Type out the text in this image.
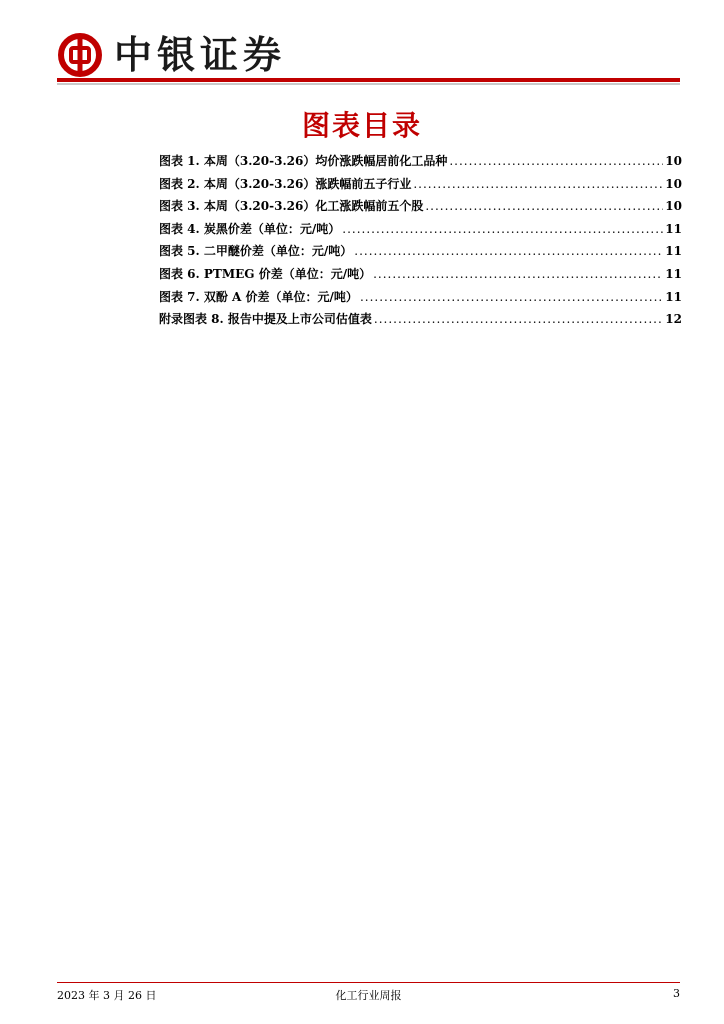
中银证券
图表目录
图表 1. 本周（3.20-3.26）均价涨跌幅居前化工品种 .....	10
图表 2. 本周（3.20-3.26）涨跌幅前五子行业 .....	10
图表 3. 本周（3.20-3.26）化工涨跌幅前五个股 .....	10
图表 4. 炭黑价差（单位：元/吨） .....	11
图表 5. 二甲醚价差（单位：元/吨） .....	11
图表 6. PTMEG 价差（单位：元/吨） .....	11
图表 7. 双酚 A 价差（单位：元/吨） .....	11
附录图表 8. 报告中提及上市公司估值表 .....	12
2023 年 3 月 26 日	化工行业周报	3
